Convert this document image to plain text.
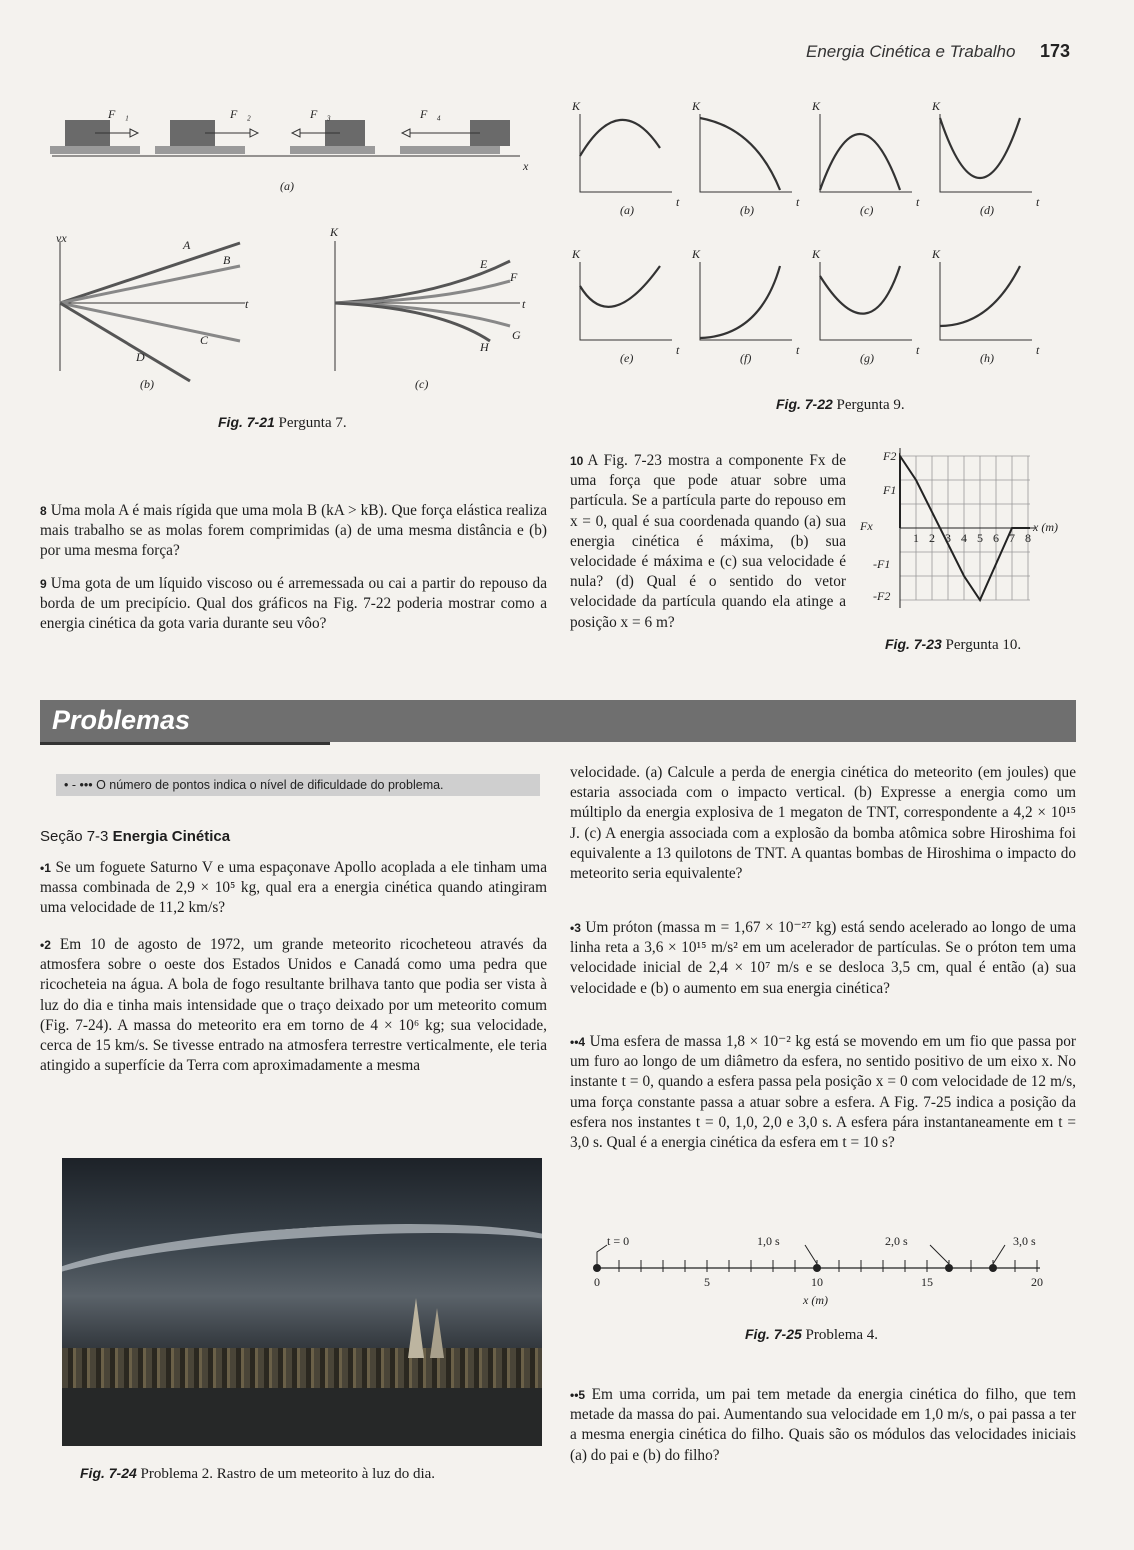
Energia Cinética e Trabalho 173
x
F⃗₁	F⃗₂	F⃗₃	F⃗₄
(a)
vx
t
A
B
C
D
(b)
K
t
E
F
G
H
(c)
Fig. 7-21 Pergunta 7.
K
t
(a)
K
t
(b)
K
t
(c)
K
t
(d)
K
t
(e)
K
t
(f)
K
t
(g)
K
t
(h)
Fig. 7-22 Pergunta 9.
8 Uma mola A é mais rígida que uma mola B (kA > kB). Que força elástica realiza mais trabalho se as molas forem comprimidas (a) de uma mesma distância e (b) por uma mesma força?
9 Uma gota de um líquido viscoso ou é arremessada ou cai a partir do repouso da borda de um precipício. Qual dos gráficos na Fig. 7-22 poderia mostrar como a energia cinética da gota varia durante seu vôo?
10 A Fig. 7-23 mostra a componente Fx de uma força que pode atuar sobre uma partícula. Se a partícula parte do repouso em x = 0, qual é sua coordenada quando (a) sua energia cinética é máxima, (b) sua velocidade é máxima e (c) sua velocidade é nula? (d) Qual é o sentido do vetor velocidade da partícula quando ela atinge a posição x = 6 m?
F2
F1
Fx
-F1
-F2
x (m)
1 2 3 4 5 6 7 8
Fig. 7-23 Pergunta 10.
Problemas
• - ••• O número de pontos indica o nível de dificuldade do problema.
Seção 7-3 Energia Cinética
•1 Se um foguete Saturno V e uma espaçonave Apollo acoplada a ele tinham uma massa combinada de 2,9 × 10⁵ kg, qual era a energia cinética quando atingiram uma velocidade de 11,2 km/s?
•2 Em 10 de agosto de 1972, um grande meteorito ricocheteou através da atmosfera sobre o oeste dos Estados Unidos e Canadá como uma pedra que ricocheteia na água. A bola de fogo resultante brilhava tanto que podia ser vista à luz do dia e tinha mais intensidade que o traço deixado por um meteorito comum (Fig. 7-24). A massa do meteorito era em torno de 4 × 10⁶ kg; sua velocidade, cerca de 15 km/s. Se tivesse entrado na atmosfera terrestre verticalmente, ele teria atingido a superfície da Terra com aproximadamente a mesma
Fig. 7-24 Problema 2. Rastro de um meteorito à luz do dia.
velocidade. (a) Calcule a perda de energia cinética do meteorito (em joules) que estaria associada com o impacto vertical. (b) Expresse a energia como um múltiplo da energia explosiva de 1 megaton de TNT, correspondente a 4,2 × 10¹⁵ J. (c) A energia associada com a explosão da bomba atômica sobre Hiroshima foi equivalente a 13 quilotons de TNT. A quantas bombas de Hiroshima o impacto do meteorito seria equivalente?
•3 Um próton (massa m = 1,67 × 10⁻²⁷ kg) está sendo acelerado ao longo de uma linha reta a 3,6 × 10¹⁵ m/s² em um acelerador de partículas. Se o próton tem uma velocidade inicial de 2,4 × 10⁷ m/s e se desloca 3,5 cm, qual é então (a) sua velocidade e (b) o aumento em sua energia cinética?
••4 Uma esfera de massa 1,8 × 10⁻² kg está se movendo em um fio que passa por um furo ao longo de um diâmetro da esfera, no sentido positivo de um eixo x. No instante t = 0, quando a esfera passa pela posição x = 0 com velocidade de 12 m/s, uma força constante passa a atuar sobre a esfera. A Fig. 7-25 indica a posição da esfera nos instantes t = 0, 1,0, 2,0 e 3,0 s. A esfera pára instantaneamente em t = 3,0 s. Qual é a energia cinética da esfera em t = 10 s?
t = 0	1,0 s	2,0 s	3,0 s
0	5	10	15	20
x (m)
Fig. 7-25 Problema 4.
••5 Em uma corrida, um pai tem metade da energia cinética do filho, que tem metade da massa do pai. Aumentando sua velocidade em 1,0 m/s, o pai passa a ter a mesma energia cinética do filho. Quais são os módulos das velocidades iniciais (a) do pai e (b) do filho?
